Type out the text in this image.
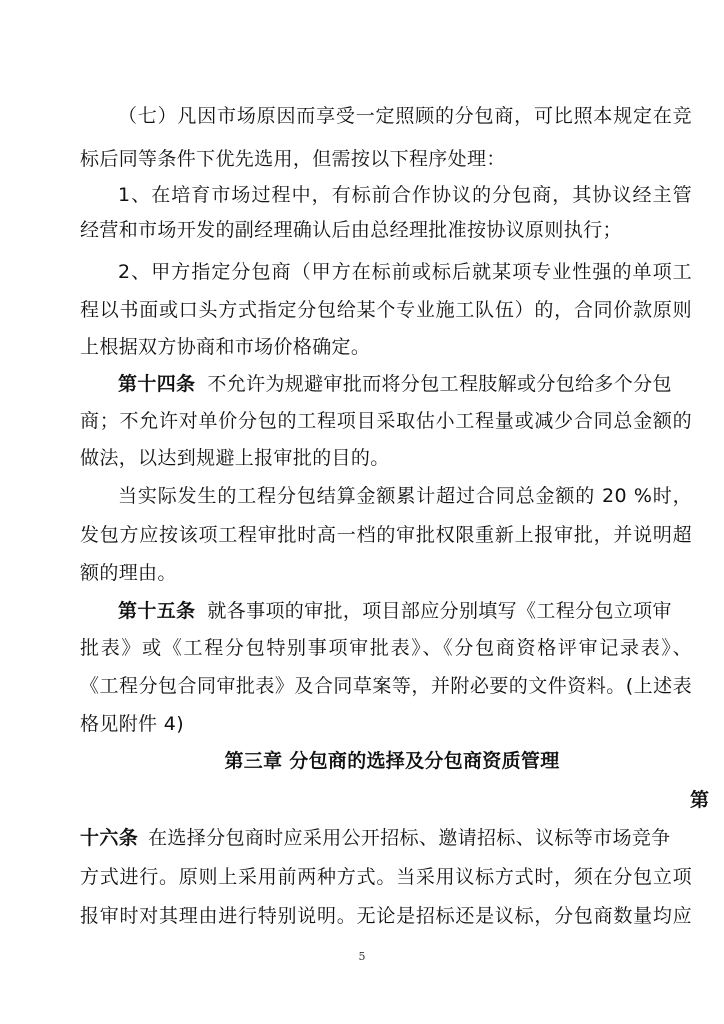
（七）凡因市场原因而享受一定照顾的分包商，可比照本规定在竞
标后同等条件下优先选用，但需按以下程序处理：
1、在培育市场过程中，有标前合作协议的分包商，其协议经主管
经营和市场开发的副经理确认后由总经理批准按协议原则执行；
2、甲方指定分包商（甲方在标前或标后就某项专业性强的单项工
程以书面或口头方式指定分包给某个专业施工队伍）的，合同价款原则
上根据双方协商和市场价格确定。
第十四条 不允许为规避审批而将分包工程肢解或分包给多个分包
商；不允许对单价分包的工程项目采取估小工程量或减少合同总金额的
做法，以达到规避上报审批的目的。
当实际发生的工程分包结算金额累计超过合同总金额的 20 %时，
发包方应按该项工程审批时高一档的审批权限重新上报审批，并说明超
额的理由。
第十五条 就各事项的审批，项目部应分别填写《工程分包立项审
批表》或《工程分包特别事项审批表》、《分包商资格评审记录表》、
《工程分包合同审批表》及合同草案等，并附必要的文件资料。(上述表
格见附件 4)
第三章 分包商的选择及分包商资质管理
第
十六条 在选择分包商时应采用公开招标、邀请招标、议标等市场竞争
方式进行。原则上采用前两种方式。当采用议标方式时，须在分包立项
报审时对其理由进行特别说明。无论是招标还是议标，分包商数量均应
5
